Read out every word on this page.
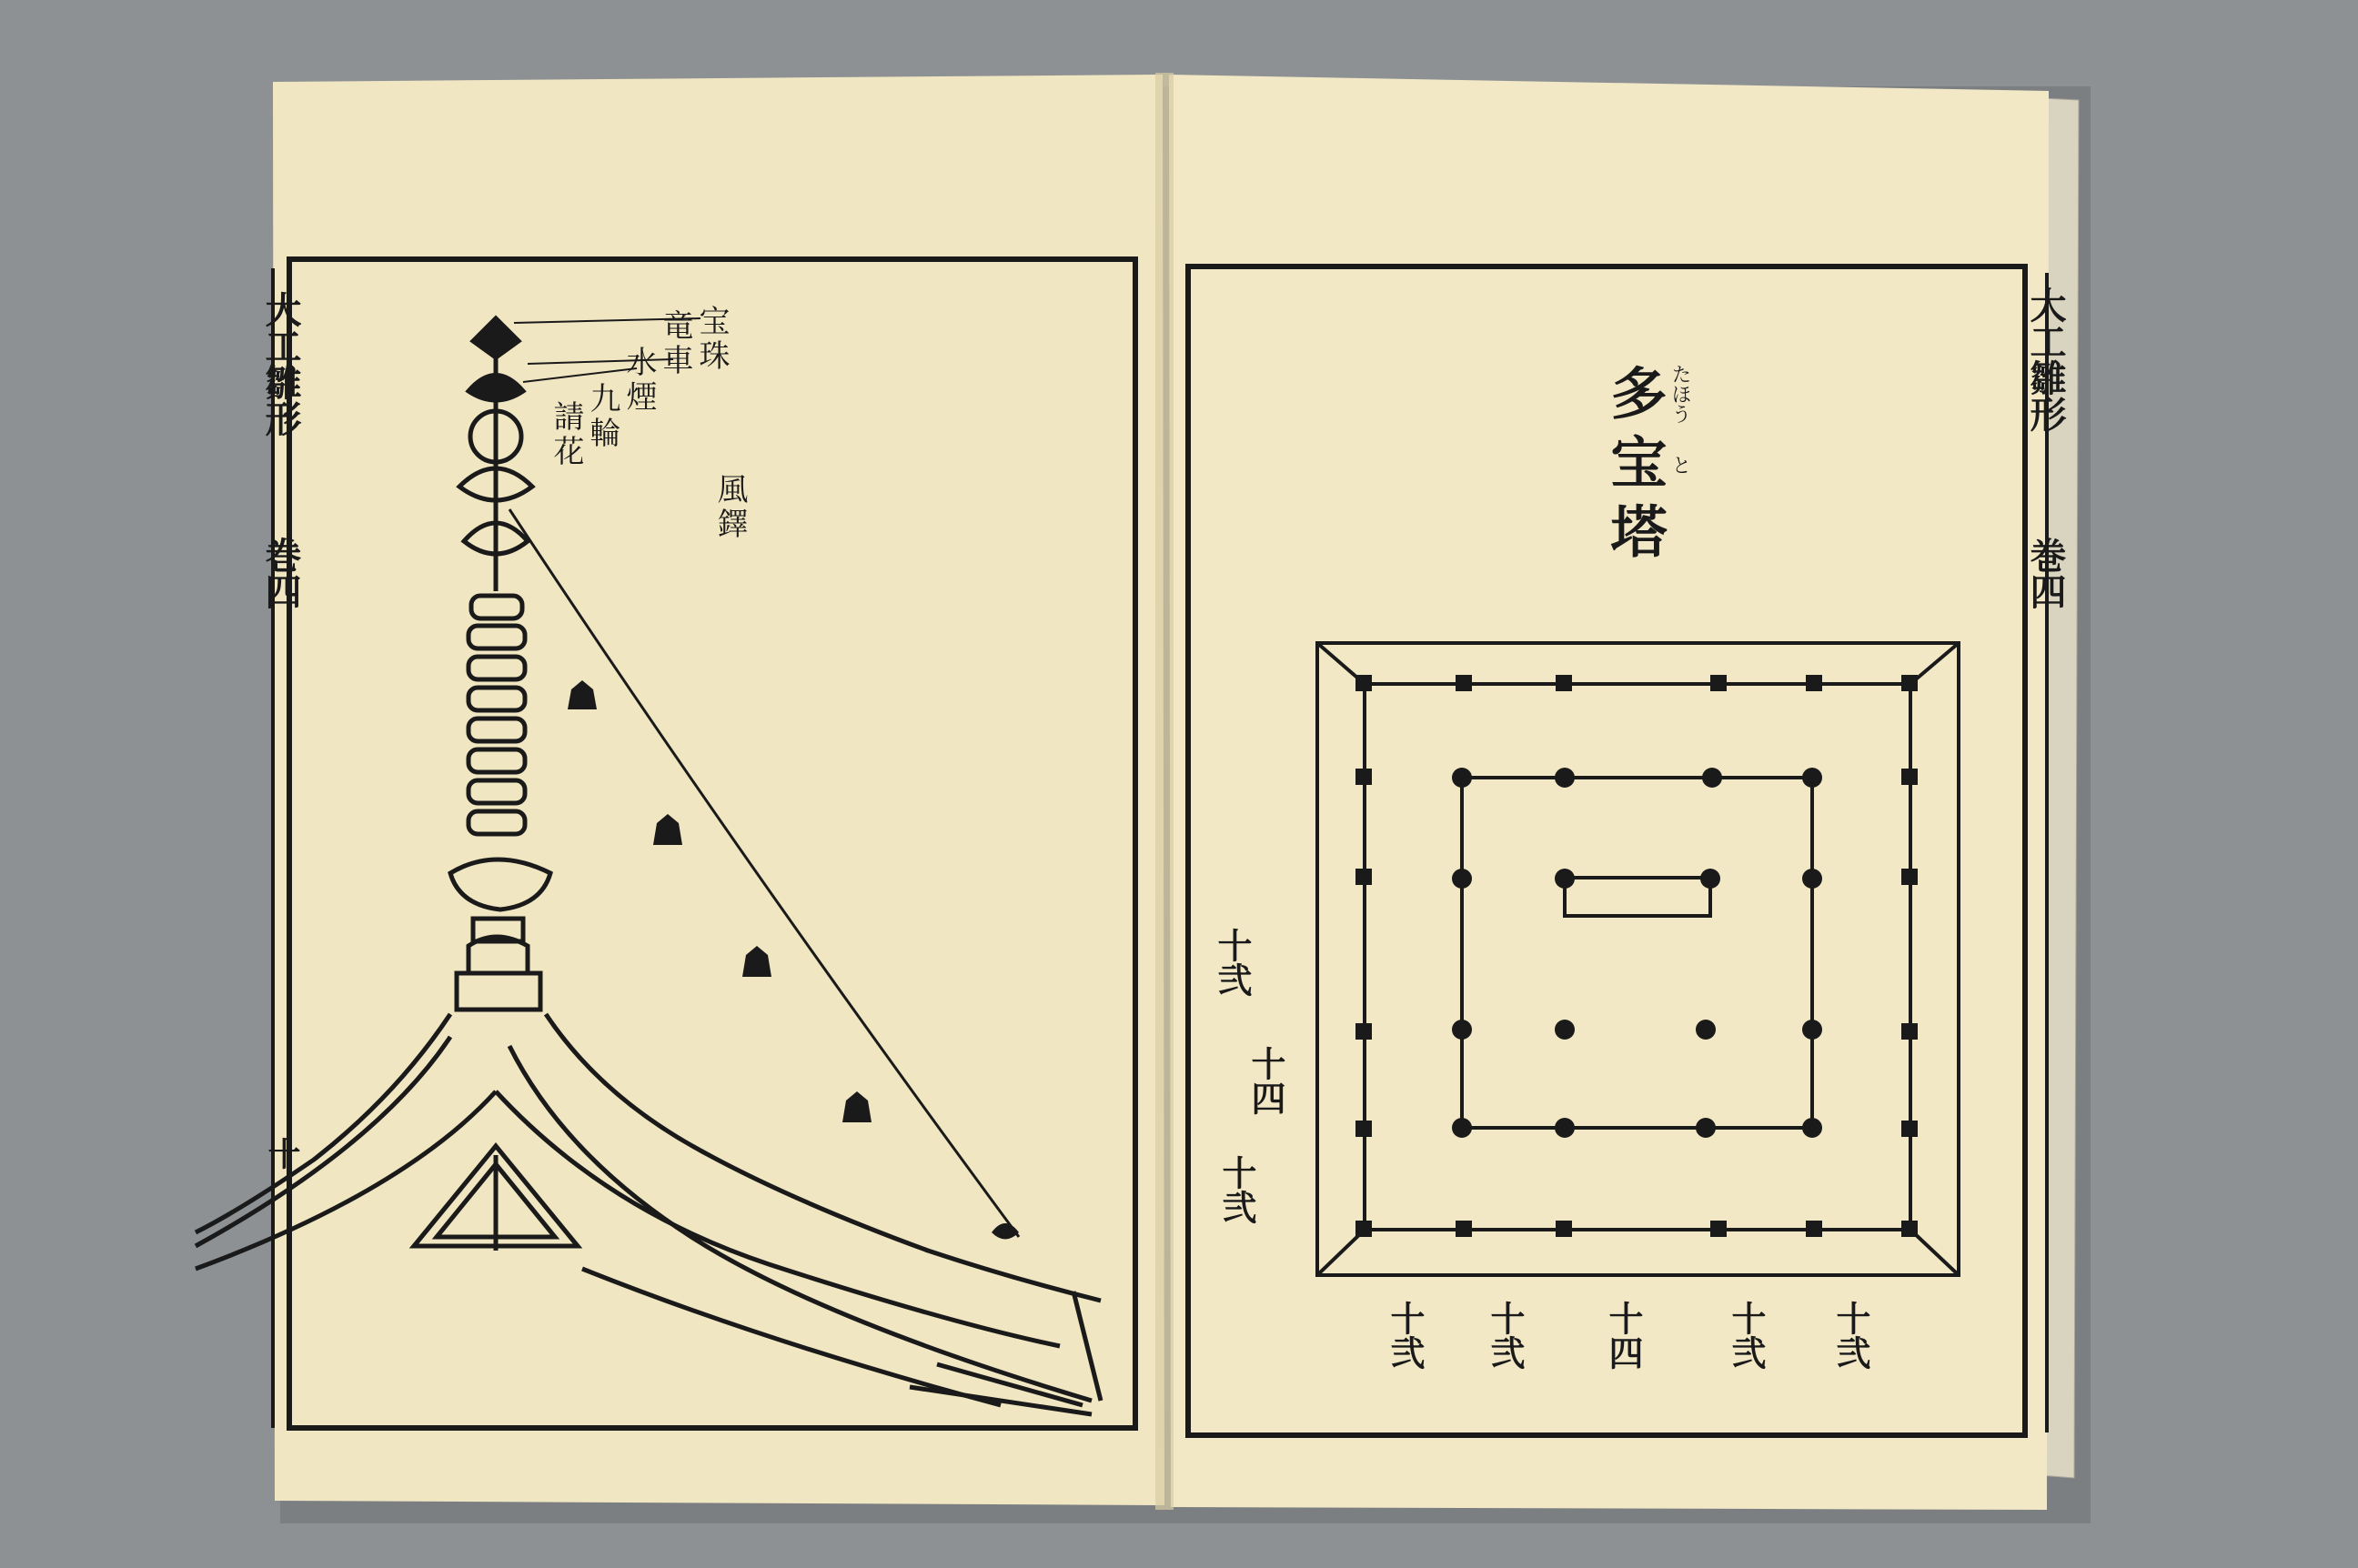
大工雛形
巻四
十
宝珠
竜車
水煙
九輪
請花
風鐸	多宝塔 たほう
と
大工雛形
巻四
十弐
十四
十弐
十弐 十弐 十四 十弐 十弐
